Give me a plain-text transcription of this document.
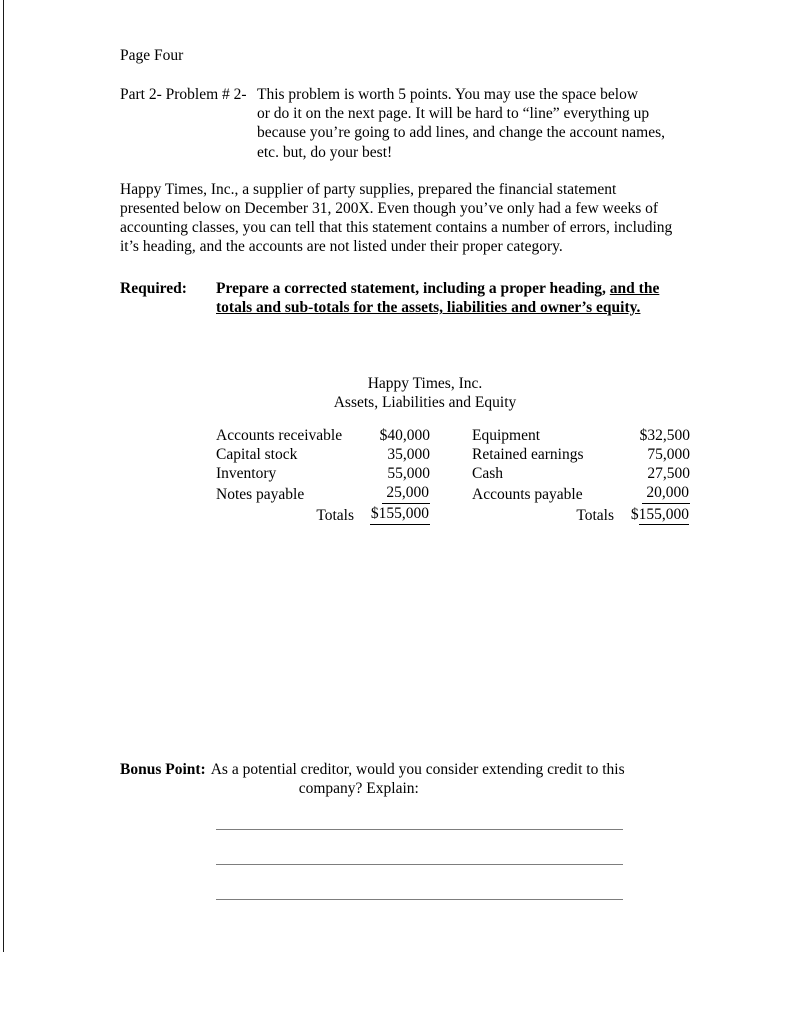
Page Four
Part 2- Problem # 2- This problem is worth 5 points. You may use the space below

or do it on the next page. It will be hard to “line” everything up

because you’re going to add lines, and change the account names,

etc. but, do your best!

Happy Times, Inc., a supplier of party supplies, prepared the financial statement

presented below on December 31, 200X. Even though you’ve only had a few weeks of

accounting classes, you can tell that this statement contains a number of errors, including

it’s heading, and the accounts are not listed under their proper category.

Required:	Prepare a corrected statement, including a proper heading, and the

totals and sub-totals for the assets, liabilities and owner’s equity.

Happy Times, Inc.
Assets, Liabilities and Equity
Accounts receivable	$40,000		Equipment	$32,500
Capital stock	35,000		Retained earnings	75,000
Inventory	55,000		Cash	27,500
Notes payable	25,000		Accounts payable	20,000
Totals	$155,000		Totals	$155,000
Bonus Point: As a potential creditor, would you consider extending credit to this

company? Explain:
